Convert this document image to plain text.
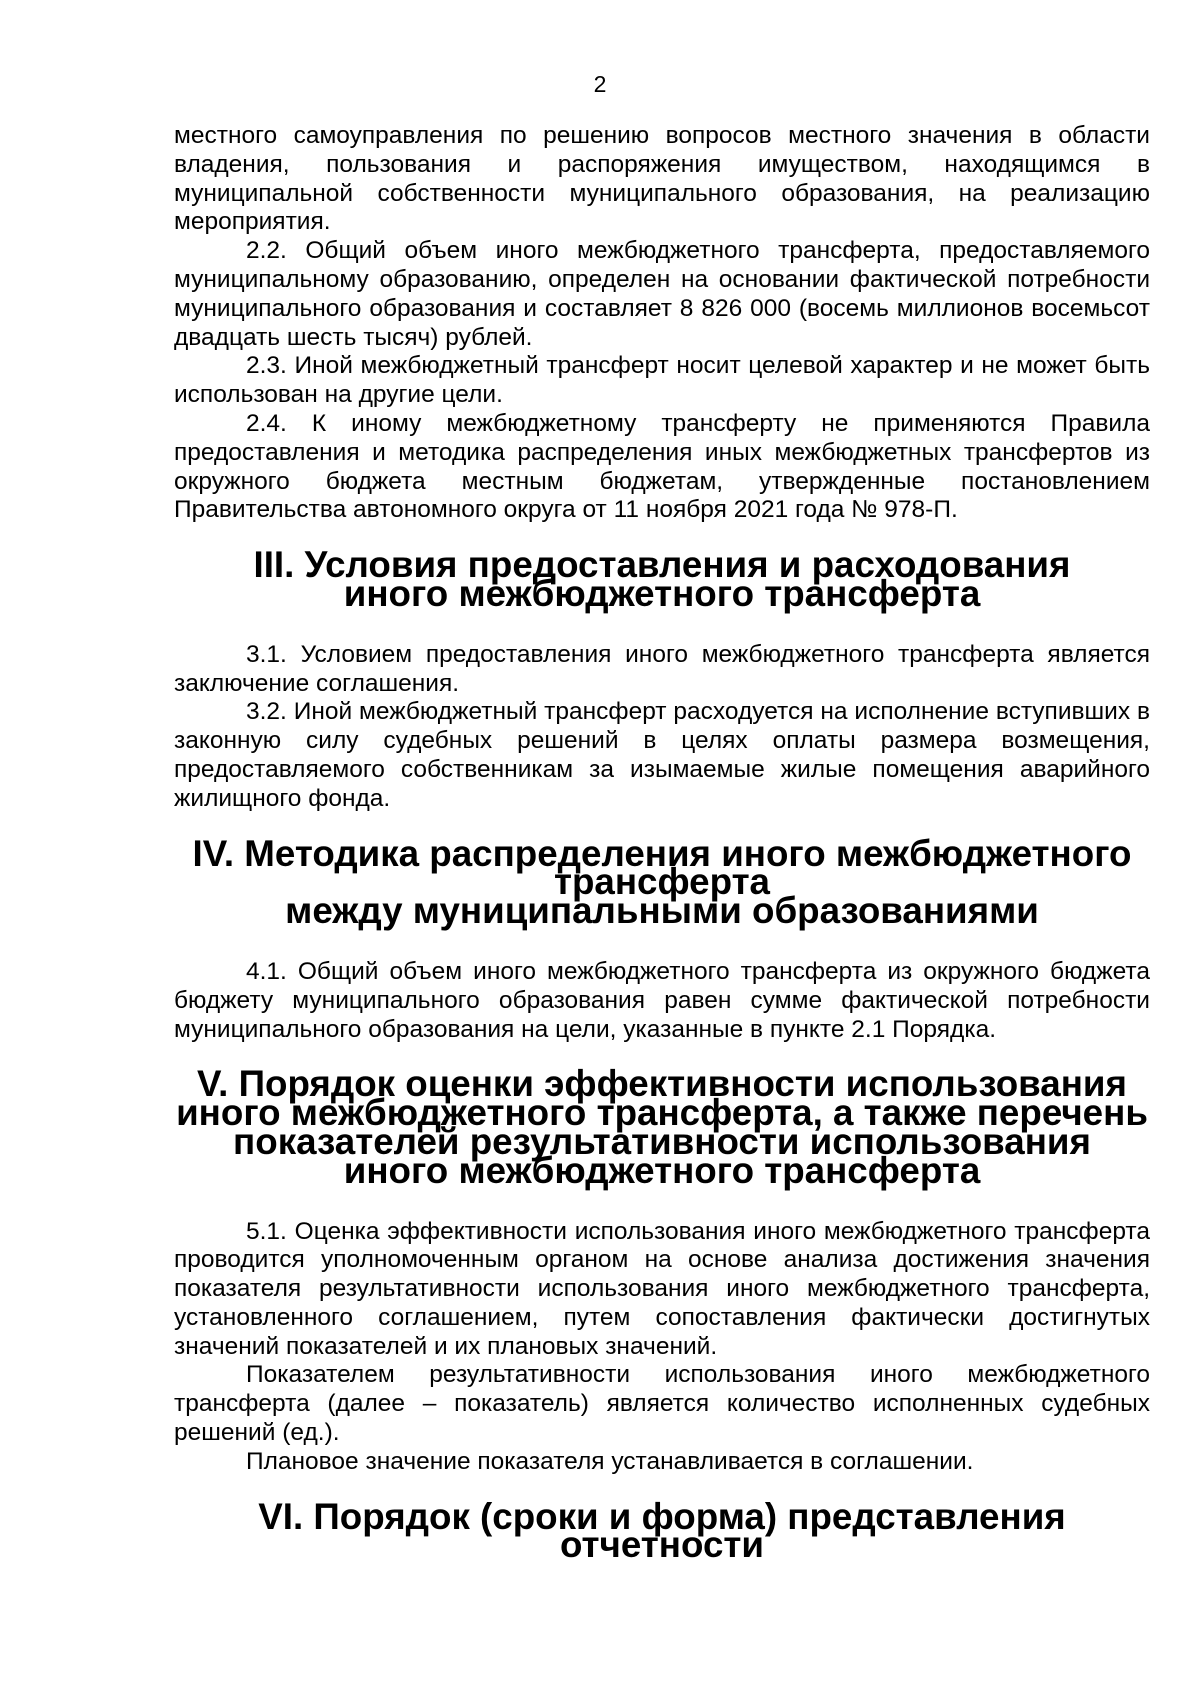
2

местного самоуправления по решению вопросов местного значения в области владения, пользования и распоряжения имуществом, находящимся в муниципальной собственности муниципального образования, на реализацию мероприятия.

2.2. Общий объем иного межбюджетного трансферта, предоставляемого муниципальному образованию, определен на основании фактической потребности муниципального образования и составляет 8 826 000 (восемь миллионов восемьсот двадцать шесть тысяч) рублей.

2.3. Иной межбюджетный трансферт носит целевой характер и не может быть использован на другие цели.

2.4. К иному межбюджетному трансферту не применяются Правила предоставления и методика распределения иных межбюджетных трансфертов из окружного бюджета местным бюджетам, утвержденные постановлением Правительства автономного округа от 11 ноября 2021 года № 978-П.

III. Условия предоставления и расходования
иного межбюджетного трансферта

3.1. Условием предоставления иного межбюджетного трансферта является заключение соглашения.

3.2. Иной межбюджетный трансферт расходуется на исполнение вступивших в законную силу судебных решений в целях оплаты размера возмещения, предоставляемого собственникам за изымаемые жилые помещения аварийного жилищного фонда.

IV. Методика распределения иного межбюджетного трансферта
между муниципальными образованиями

4.1. Общий объем иного межбюджетного трансферта из окружного бюджета бюджету муниципального образования равен сумме фактической потребности муниципального образования на цели, указанные в пункте 2.1 Порядка.

V. Порядок оценки эффективности использования
иного межбюджетного трансферта, а также перечень
показателей результативности использования
иного межбюджетного трансферта

5.1. Оценка эффективности использования иного межбюджетного трансферта проводится уполномоченным органом на основе анализа достижения значения показателя результативности использования иного межбюджетного трансферта, установленного соглашением, путем сопоставления фактически достигнутых значений показателей и их плановых значений.

Показателем результативности использования иного межбюджетного трансферта (далее – показатель) является количество исполненных судебных решений (ед.).

Плановое значение показателя устанавливается в соглашении.

VI. Порядок (сроки и форма) представления отчетности
